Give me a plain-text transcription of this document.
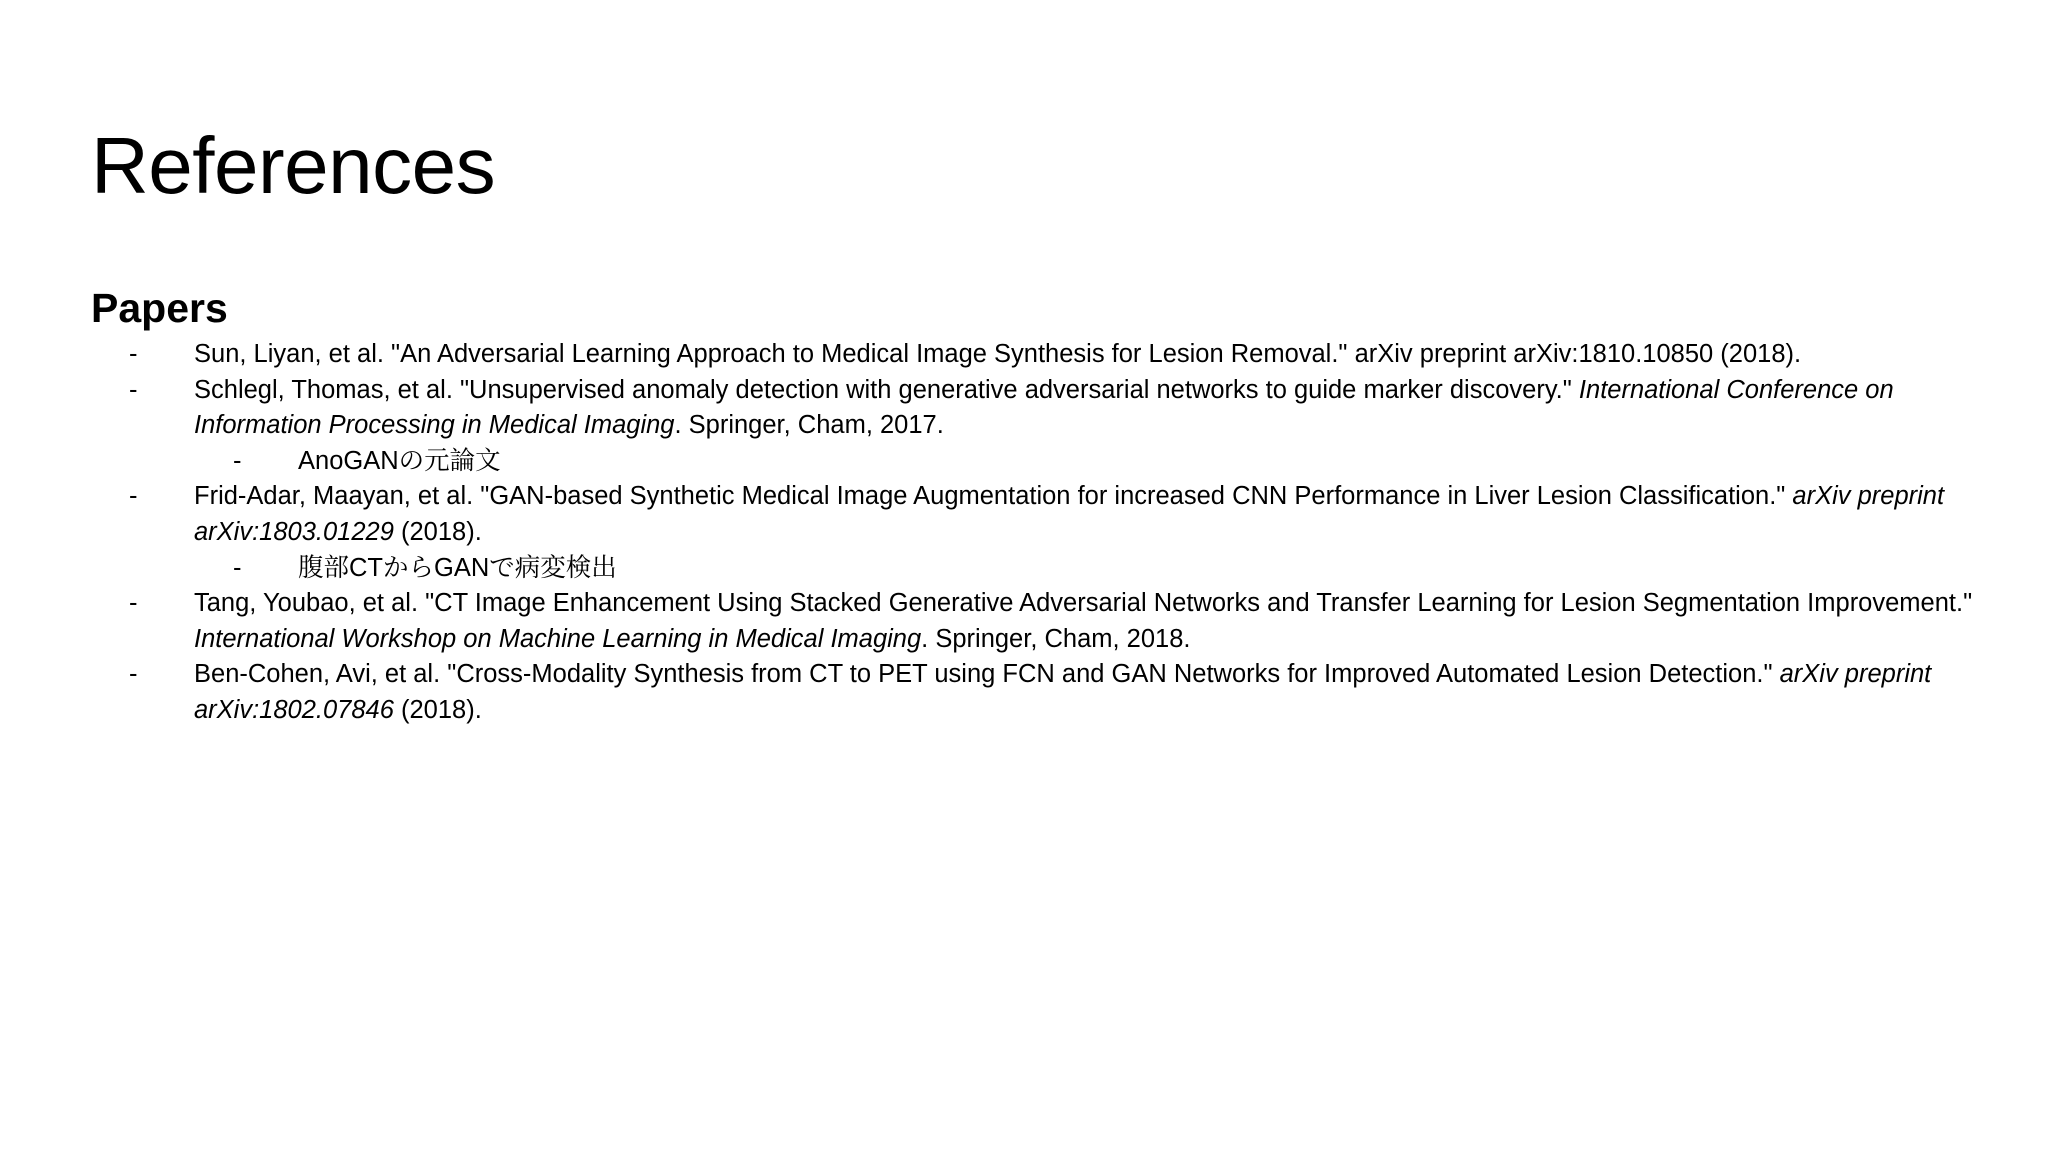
References
Papers
- Sun, Liyan, et al. "An Adversarial Learning Approach to Medical Image Synthesis for Lesion Removal." arXiv preprint arXiv:1810.10850 (2018).
- Schlegl, Thomas, et al. "Unsupervised anomaly detection with generative adversarial networks to guide marker discovery." International Conference on Information Processing in Medical Imaging. Springer, Cham, 2017.
- AnoGANの元論文
- Frid-Adar, Maayan, et al. "GAN-based Synthetic Medical Image Augmentation for increased CNN Performance in Liver Lesion Classification." arXiv preprint arXiv:1803.01229 (2018).
- 腹部CTからGANで病変検出
- Tang, Youbao, et al. "CT Image Enhancement Using Stacked Generative Adversarial Networks and Transfer Learning for Lesion Segmentation Improvement." International Workshop on Machine Learning in Medical Imaging. Springer, Cham, 2018.
- Ben-Cohen, Avi, et al. "Cross-Modality Synthesis from CT to PET using FCN and GAN Networks for Improved Automated Lesion Detection." arXiv preprint arXiv:1802.07846 (2018).
